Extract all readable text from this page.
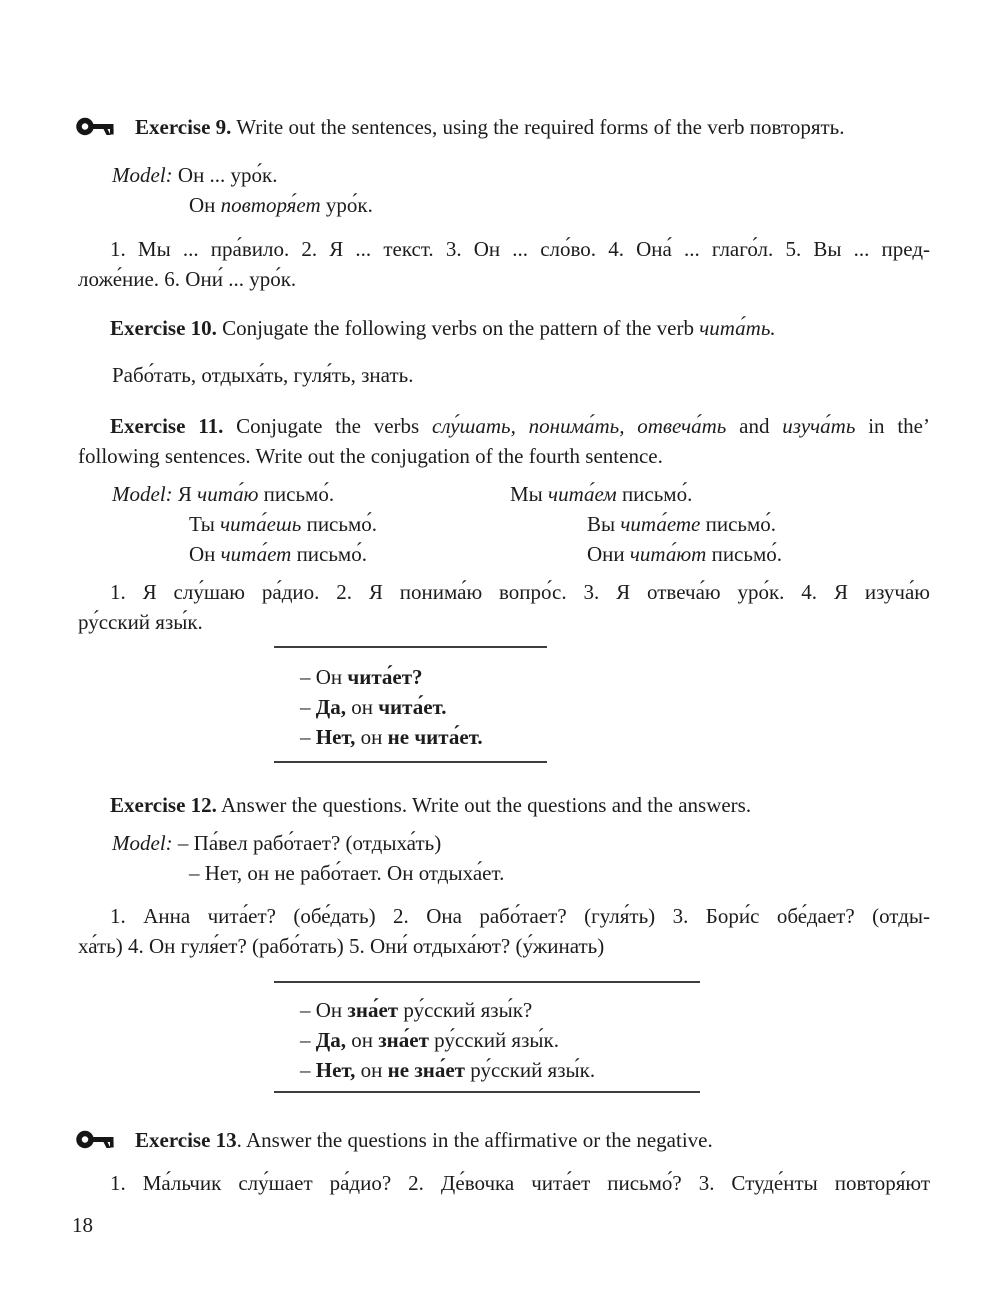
Exercise 9. Write out the sentences, using the required forms of the verb повторять.

Model: Он ... уро́к.

Он повторя́ет уро́к.

1. Мы ... пра́вило. 2. Я ... текст. 3. Он ... сло́во. 4. Она́ ... глаго́л. 5. Вы ... пред-

ложе́ние. 6. Они́ ... уро́к.

Exercise 10. Conjugate the following verbs on the pattern of the verb чита́ть.

Рабо́тать, отдыха́ть, гуля́ть, знать.

Exercise 11. Conjugate the verbs слу́шать, понима́ть, отвеча́ть and изуча́ть in the’

following sentences. Write out the conjugation of the fourth sentence.

Model: Я чита́ю письмо́.	Мы чита́ем письмо́.

Ты чита́ешь письмо́.	Вы чита́ете письмо́.

Он чита́ет письмо́.	Они чита́ют письмо́.

1. Я слу́шаю ра́дио. 2. Я понима́ю вопро́с. 3. Я отвеча́ю уро́к. 4. Я изуча́ю

ру́сский язы́к.

– Он чита́ет?

– Да, он чита́ет.

– Нет, он не чита́ет.

Exercise 12. Answer the questions. Write out the questions and the answers.

Model: – Па́вел рабо́тает? (отдыха́ть)

– Нет, он не рабо́тает. Он отдыха́ет.

1. Анна чита́ет? (обе́дать) 2. Она рабо́тает? (гуля́ть) 3. Бори́с обе́дает? (отды-

ха́ть) 4. Он гуля́ет? (рабо́тать) 5. Они́ отдыха́ют? (у́жинать)

– Он зна́ет ру́сский язы́к?

– Да, он зна́ет ру́сский язы́к.

– Нет, он не зна́ет ру́сский язы́к.

Exercise 13. Answer the questions in the affirmative or the negative.

1. Ма́льчик слу́шает ра́дио? 2. Де́вочка чита́ет письмо́? 3. Студе́нты повторя́ют

18
